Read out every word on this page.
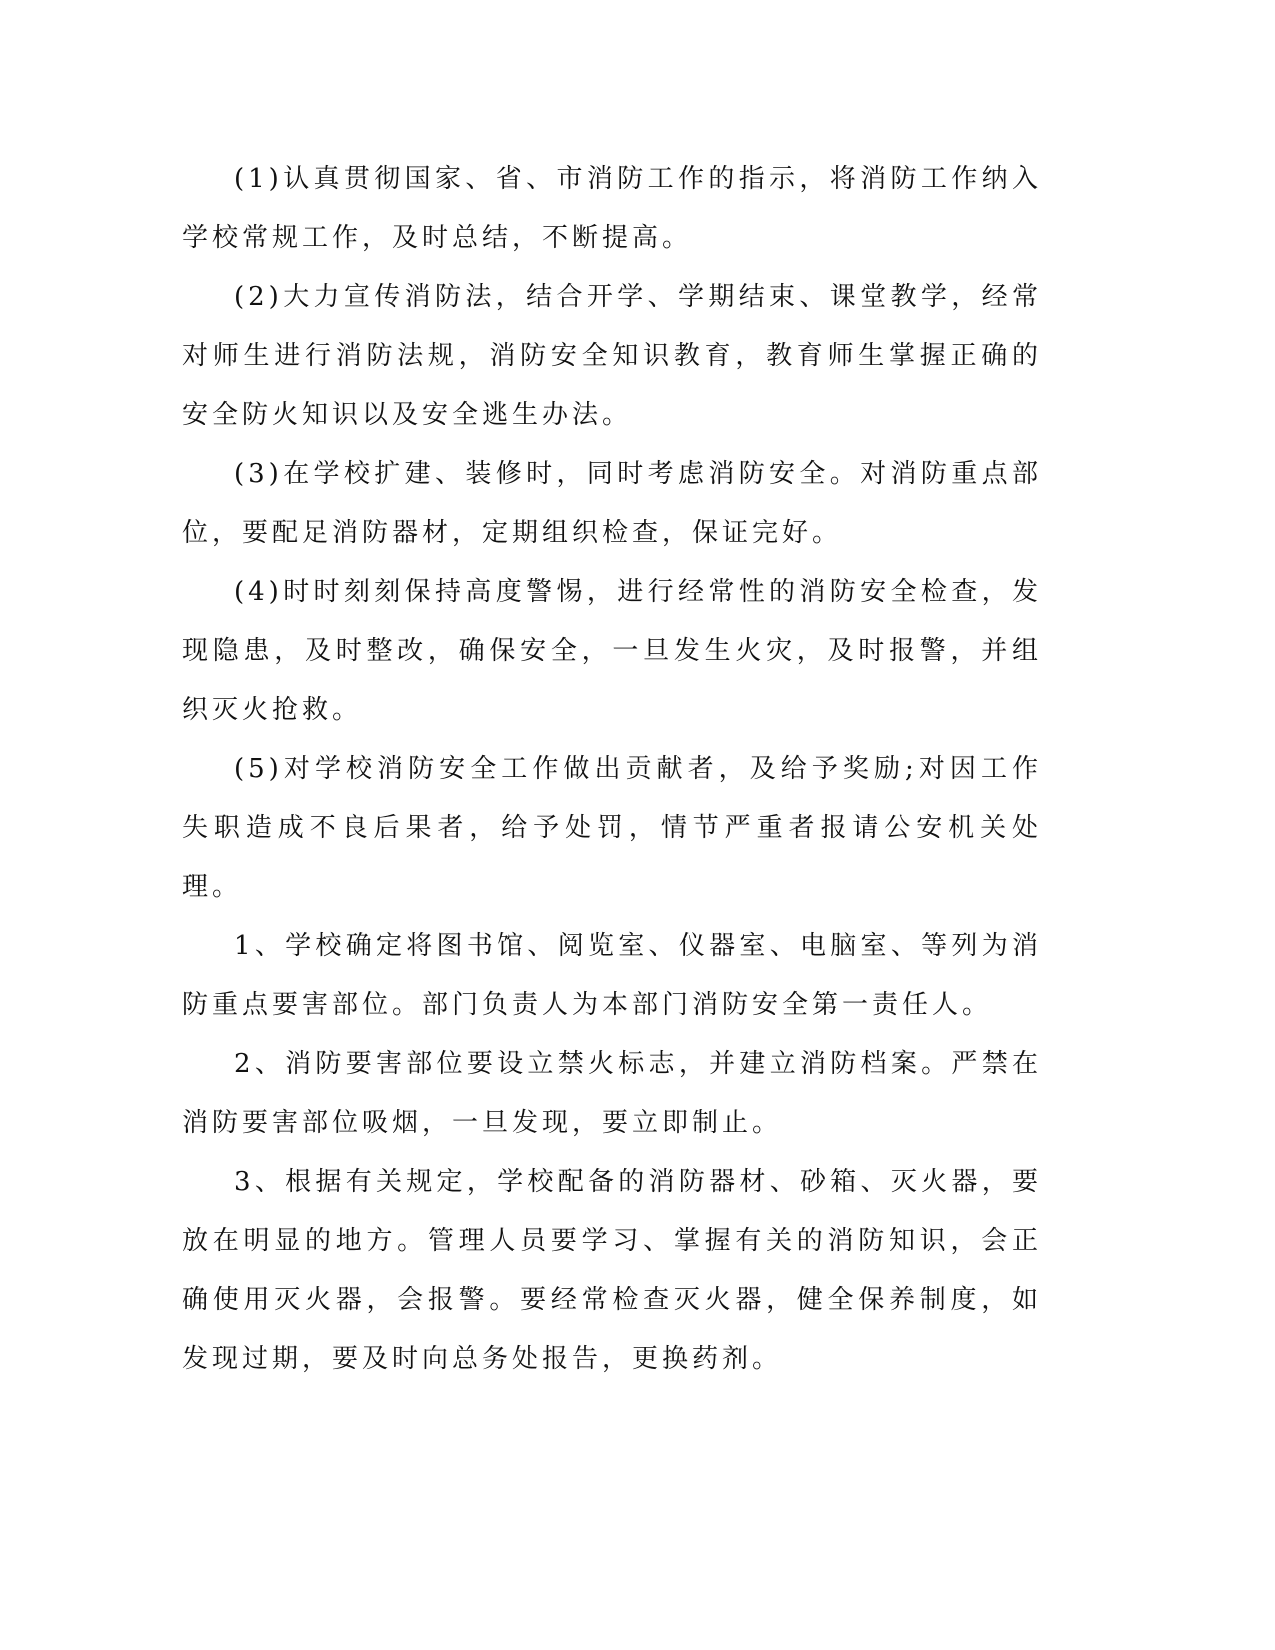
(1)认真贯彻国家、省、市消防工作的指示，将消防工作纳入学校常规工作，及时总结，不断提高。

(2)大力宣传消防法，结合开学、学期结束、课堂教学，经常对师生进行消防法规，消防安全知识教育，教育师生掌握正确的安全防火知识以及安全逃生办法。

(3)在学校扩建、装修时，同时考虑消防安全。对消防重点部位，要配足消防器材，定期组织检查，保证完好。

(4)时时刻刻保持高度警惕，进行经常性的消防安全检查，发现隐患，及时整改，确保安全，一旦发生火灾，及时报警，并组织灭火抢救。

(5)对学校消防安全工作做出贡献者，及给予奖励;对因工作失职造成不良后果者，给予处罚，情节严重者报请公安机关处理。

1、学校确定将图书馆、阅览室、仪器室、电脑室、等列为消防重点要害部位。部门负责人为本部门消防安全第一责任人。

2、消防要害部位要设立禁火标志，并建立消防档案。严禁在消防要害部位吸烟，一旦发现，要立即制止。

3、根据有关规定，学校配备的消防器材、砂箱、灭火器，要放在明显的地方。管理人员要学习、掌握有关的消防知识，会正确使用灭火器，会报警。要经常检查灭火器，健全保养制度，如发现过期，要及时向总务处报告，更换药剂。
